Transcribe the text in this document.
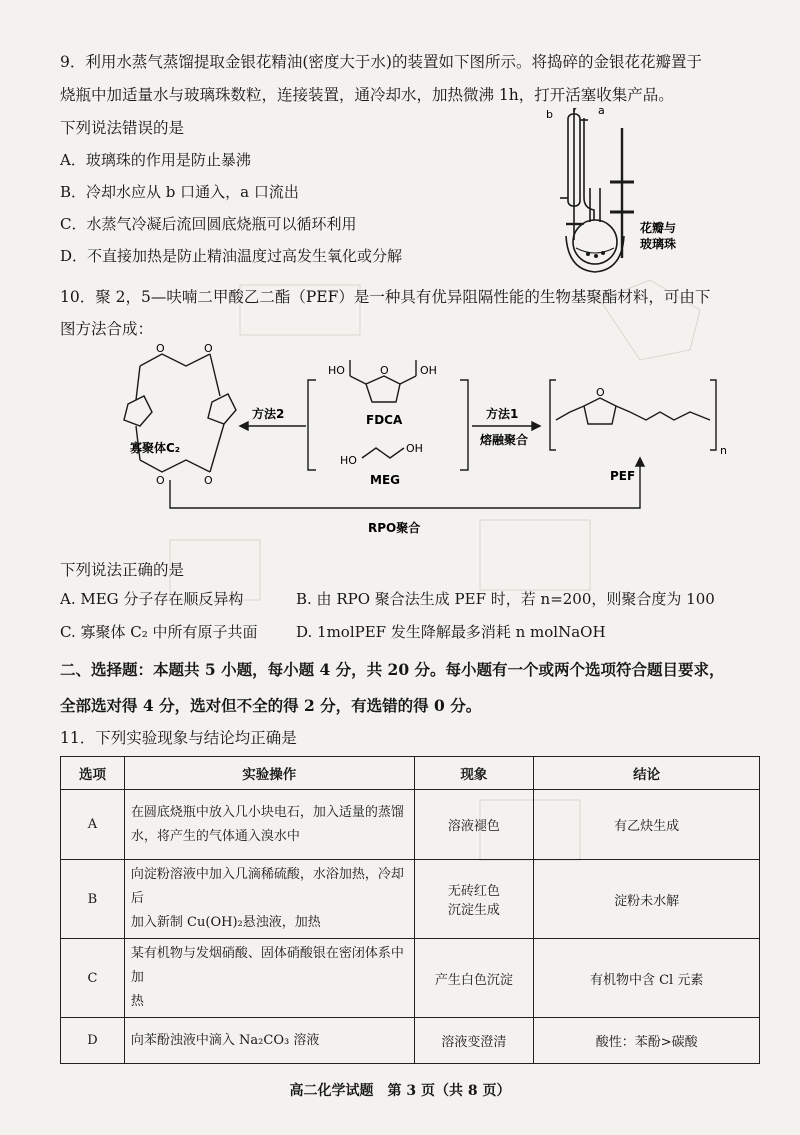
9．利用水蒸气蒸馏提取金银花精油(密度大于水)的装置如下图所示。将捣碎的金银花花瓣置于
烧瓶中加适量水与玻璃珠数粒，连接装置，通冷却水，加热微沸 1h，打开活塞收集产品。
下列说法错误的是
A．玻璃珠的作用是防止暴沸
B．冷却水应从 b 口通入，a 口流出
C．水蒸气冷凝后流回圆底烧瓶可以循环利用
D．不直接加热是防止精油温度过高发生氧化或分解
b	a
花瓣与
玻璃珠
10．聚 2，5—呋喃二甲酸乙二酯（PEF）是一种具有优异阻隔性能的生物基聚酯材料，可由下
图方法合成：
O	O
O	O
HO	OH
O
HO
OH
O
n
方法2	方法1
熔融聚合
FDCA
MEG	PEF
寡聚体C₂
RPO聚合
下列说法正确的是
A. MEG 分子存在顺反异构	B. 由 RPO 聚合法生成 PEF 时，若 n=200，则聚合度为 100
C. 寡聚体 C₂ 中所有原子共面	D. 1molPEF 发生降解最多消耗 n molNaOH
二、选择题：本题共 5 小题，每小题 4 分，共 20 分。每小题有一个或两个选项符合题目要求，
全部选对得 4 分，选对但不全的得 2 分，有选错的得 0 分。
11．下列实验现象与结论均正确是
选项	实验操作	现象	结论
A	在圆底烧瓶中放入几小块电石，加入适量的蒸馏
水，将产生的气体通入溴水中	溶液褪色	有乙炔生成
B	向淀粉溶液中加入几滴稀硫酸，水浴加热，冷却后
加入新制 Cu(OH)₂悬浊液，加热	无砖红色
沉淀生成	淀粉未水解
C	某有机物与发烟硝酸、固体硝酸银在密闭体系中加
热	产生白色沉淀	有机物中含 Cl 元素
D	向苯酚浊液中滴入 Na₂CO₃ 溶液	溶液变澄清	酸性：苯酚>碳酸
高二化学试题　第 3 页（共 8 页）
